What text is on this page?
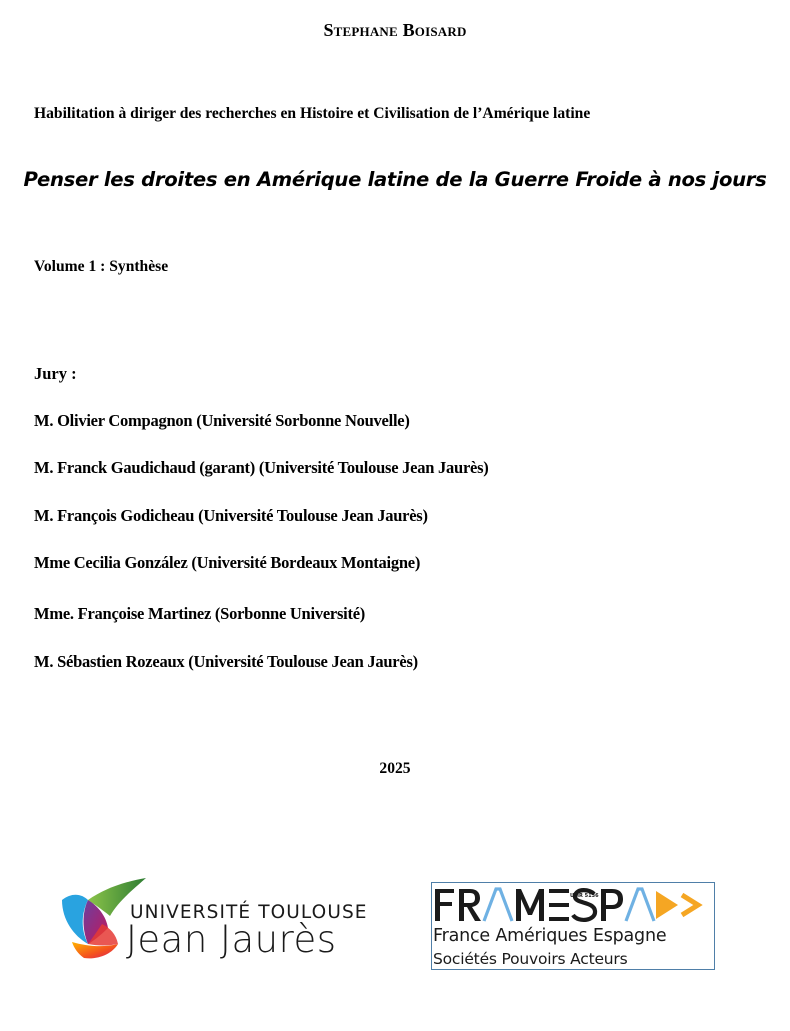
Stephane Boisard
Habilitation à diriger des recherches en Histoire et Civilisation de l’Amérique latine
Penser les droites en Amérique latine de la Guerre Froide à nos jours
Volume 1 : Synthèse
Jury :
M. Olivier Compagnon (Université Sorbonne Nouvelle)
M. Franck Gaudichaud (garant) (Université Toulouse Jean Jaurès)
M. François Godicheau (Université Toulouse Jean Jaurès)
Mme Cecilia González (Université Bordeaux Montaigne)
Mme. Françoise Martinez (Sorbonne Université)
M. Sébastien Rozeaux (Université Toulouse Jean Jaurès)
2025
UNIVERSITÉ TOULOUSE
Jean Jaurès
UMR 5136
France Amériques Espagne
Sociétés Pouvoirs Acteurs
